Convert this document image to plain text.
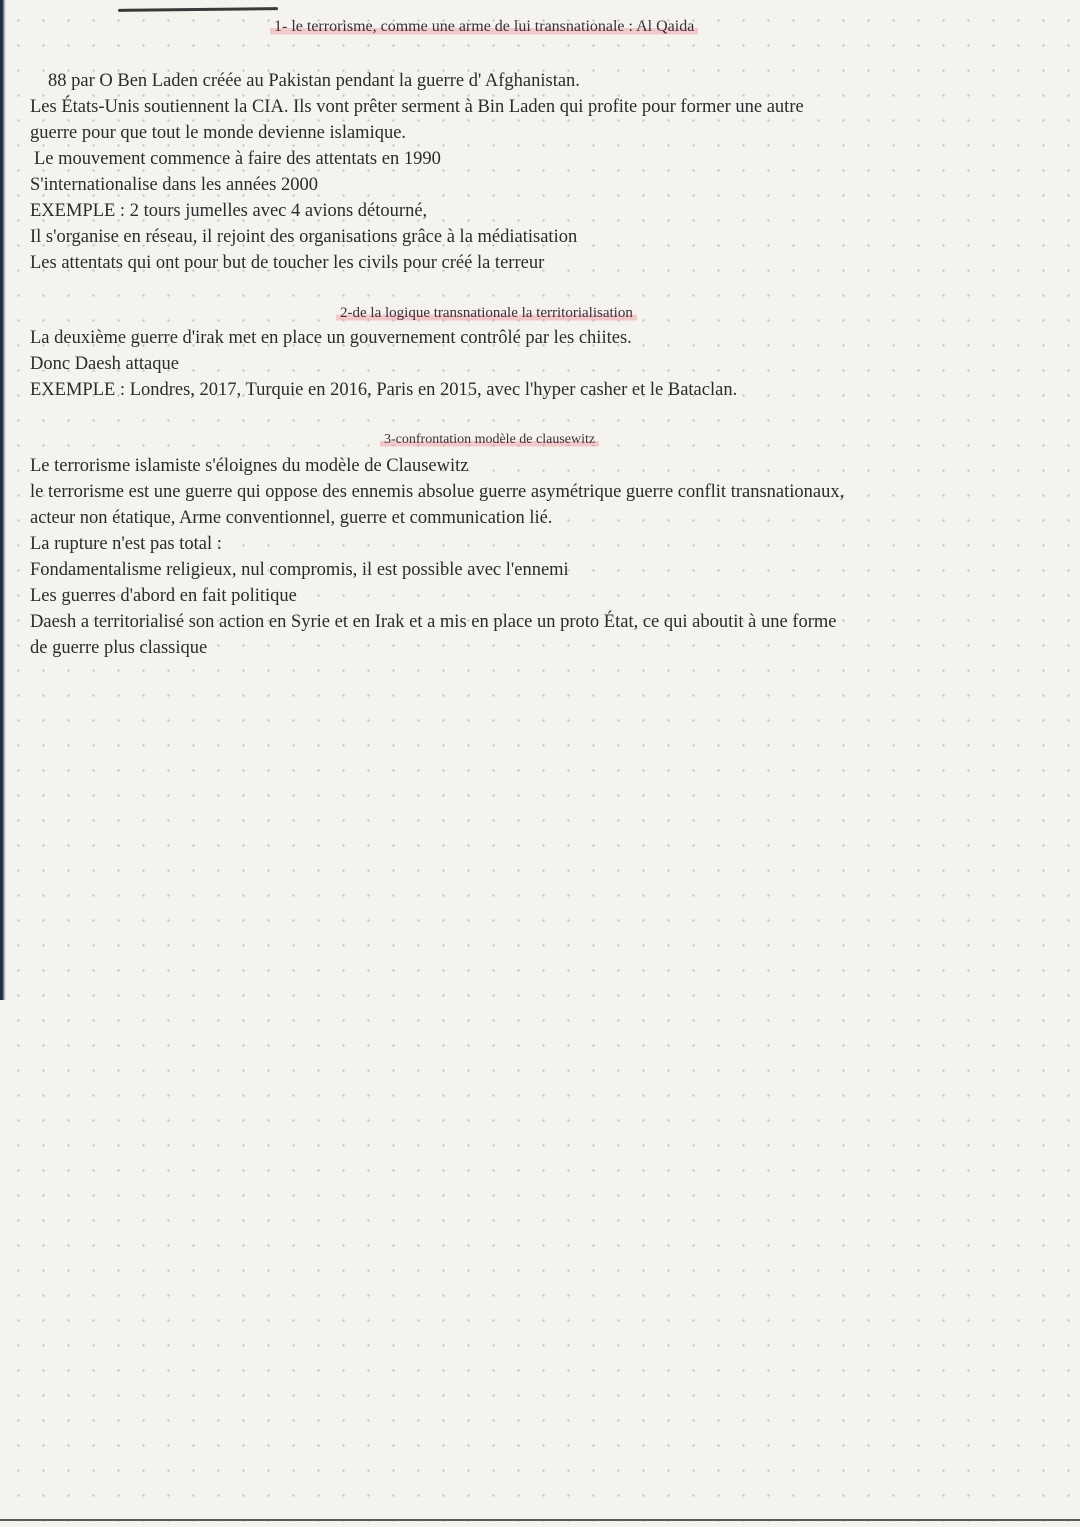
1- le terrorisme, comme une arme de lui transnationale : Al Qaida
88 par O Ben Laden créée au Pakistan pendant la guerre d' Afghanistan.
Les États-Unis soutiennent la CIA. Ils vont prêter serment à Bin Laden qui profite pour former une autre
guerre pour que tout le monde devienne islamique.
Le mouvement commence à faire des attentats en 1990
S'internationalise dans les années 2000
EXEMPLE : 2 tours jumelles avec 4 avions détourné,
Il s'organise en réseau, il rejoint des organisations grâce à la médiatisation
Les attentats qui ont pour but de toucher les civils pour créé la terreur
2-de la logique transnationale la territorialisation
La deuxième guerre d'irak met en place un gouvernement contrôlé par les chiites.
Donc Daesh attaque
EXEMPLE : Londres, 2017, Turquie en 2016, Paris en 2015, avec l'hyper casher et le Bataclan.
3-confrontation modèle de clausewitz
Le terrorisme islamiste s'éloignes du modèle de Clausewitz
le terrorisme est une guerre qui oppose des ennemis absolue guerre asymétrique guerre conflit transnationaux,
acteur non étatique, Arme conventionnel, guerre et communication lié.
La rupture n'est pas total :
Fondamentalisme religieux, nul compromis, il est possible avec l'ennemi
Les guerres d'abord en fait politique
Daesh a territorialisé son action en Syrie et en Irak et a mis en place un proto État, ce qui aboutit à une forme
de guerre plus classique
